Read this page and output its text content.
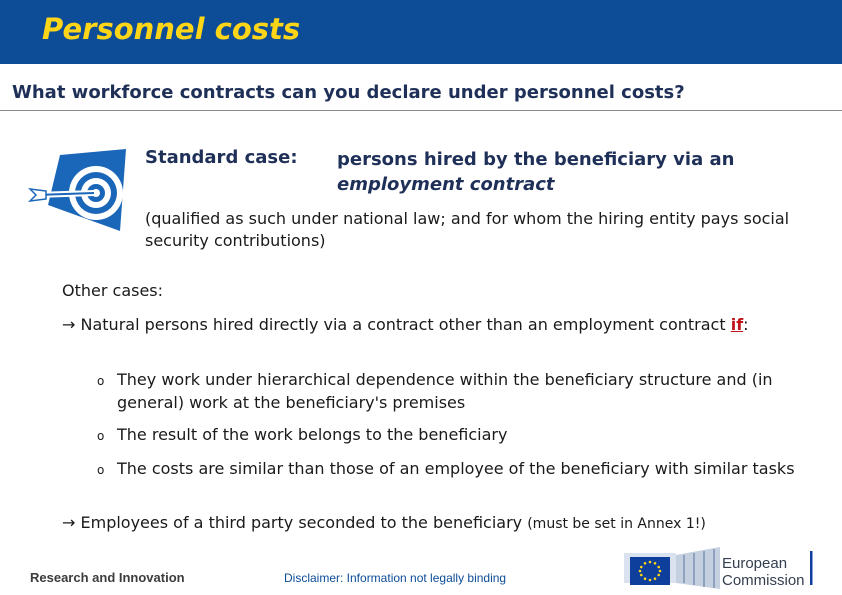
Personnel costs
What workforce contracts can you declare under personnel costs?
Standard case: persons hired by the beneficiary via an
employment contract
(qualified as such under national law; and for whom the hiring entity pays social security contributions)
Other cases:
→ Natural persons hired directly via a contract other than an employment contract if:
o They work under hierarchical dependence within the beneficiary structure and (in general) work at the beneficiary's premises
o The result of the work belongs to the beneficiary
o The costs are similar than those of an employee of the beneficiary with similar tasks
→ Employees of a third party seconded to the beneficiary (must be set in Annex 1!)
Research and Innovation	Disclaimer: Information not legally binding
European
Commission
